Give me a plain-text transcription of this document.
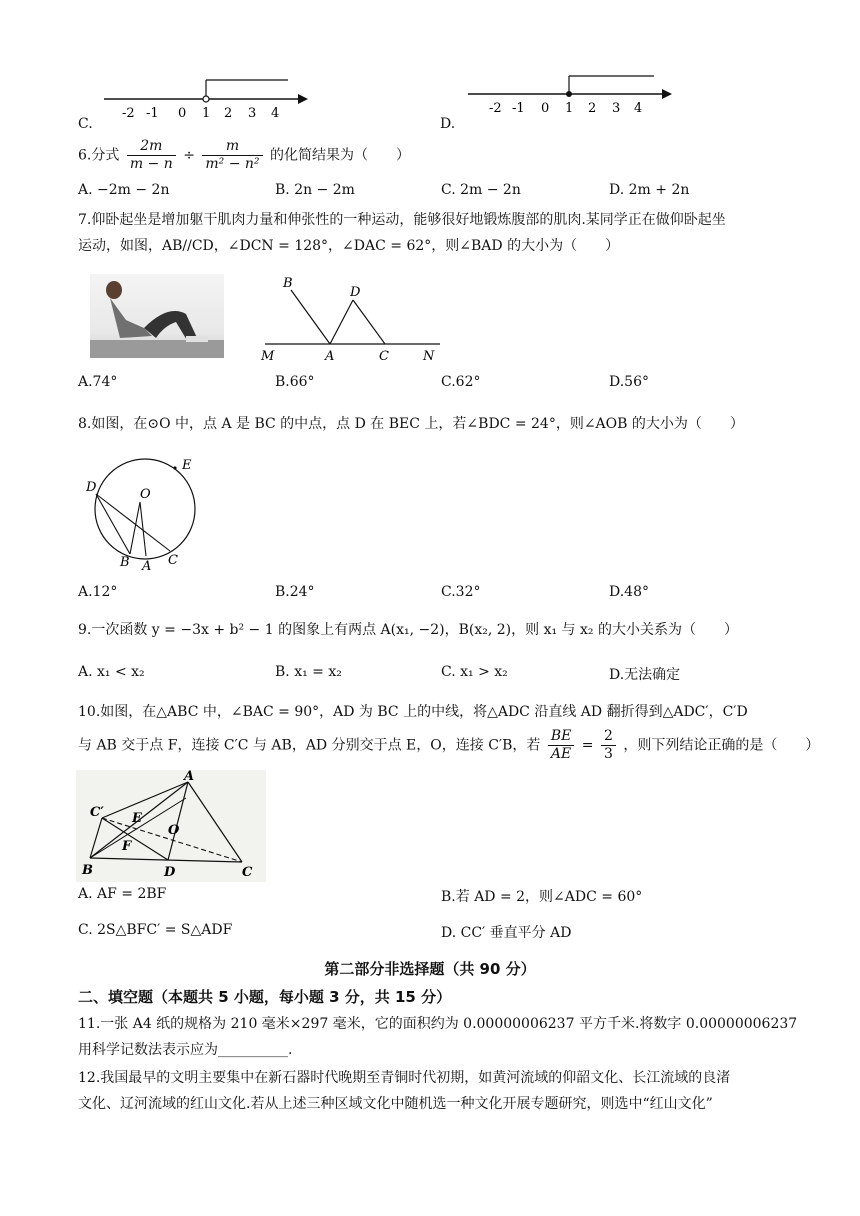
-2 -1 0 1 2 3 4
C.
-2 -1 0 1 2 3 4
D.
6.分式 $\frac{2m}{m - n} \div \frac{m}{\text{m² − n²}}$ 的化简结果为（　　）
A. −2m − 2n	B. 2n − 2m	C. 2m − 2n	D. 2m + 2n
7.仰卧起坐是增加躯干肌肉力量和伸张性的一种运动，能够很好地锻炼腹部的肌肉.某同学正在做仰卧起坐
运动，如图，AB//CD，∠DCN = 128°，∠DAC = 62°，则∠BAD 的大小为（　　）
B
D
M	A	C	N
A.74°	B.66°	C.62°	D.56°
8.如图，在⊙O 中，点 A 是 BC 的中点，点 D 在 BEC 上，若∠BDC = 24°，则∠AOB 的大小为（　　）
D
E
O
B A C
A.12°	B.24°	C.32°	D.48°
9.一次函数 y = −3x + b² − 1 的图象上有两点 A(x₁, −2)，B(x₂, 2)，则 x₁ 与 x₂ 的大小关系为（　　）
A. x₁ < x₂	B. x₁ = x₂	C. x₁ > x₂	D.无法确定
10.如图，在△ABC 中，∠BAC = 90°，AD 为 BC 上的中线，将△ADC 沿直线 AD 翻折得到△ADC′，C′D
与 AB 交于点 F，连接 C′C 与 AB，AD 分别交于点 E，O，连接 C′B，若 $\frac{BE}{AE} = \frac{2}{3}$ ，则下列结论正确的是（　　）
A
C′ E
O
F
B	D	C
A. AF = 2BF	B.若 AD = 2，则∠ADC = 60°
C. 2S△BFC′ = S△ADF	D. CC′ 垂直平分 AD
第二部分非选择题（共 90 分）
二、填空题（本题共 5 小题，每小题 3 分，共 15 分）
11.一张 A4 纸的规格为 210 毫米×297 毫米，它的面积约为 0.00000006237 平方千米.将数字 0.00000006237
用科学记数法表示应为__________.
12.我国最早的文明主要集中在新石器时代晚期至青铜时代初期，如黄河流域的仰韶文化、长江流域的良渚
文化、辽河流域的红山文化.若从上述三种区域文化中随机选一种文化开展专题研究，则选中“红山文化”
